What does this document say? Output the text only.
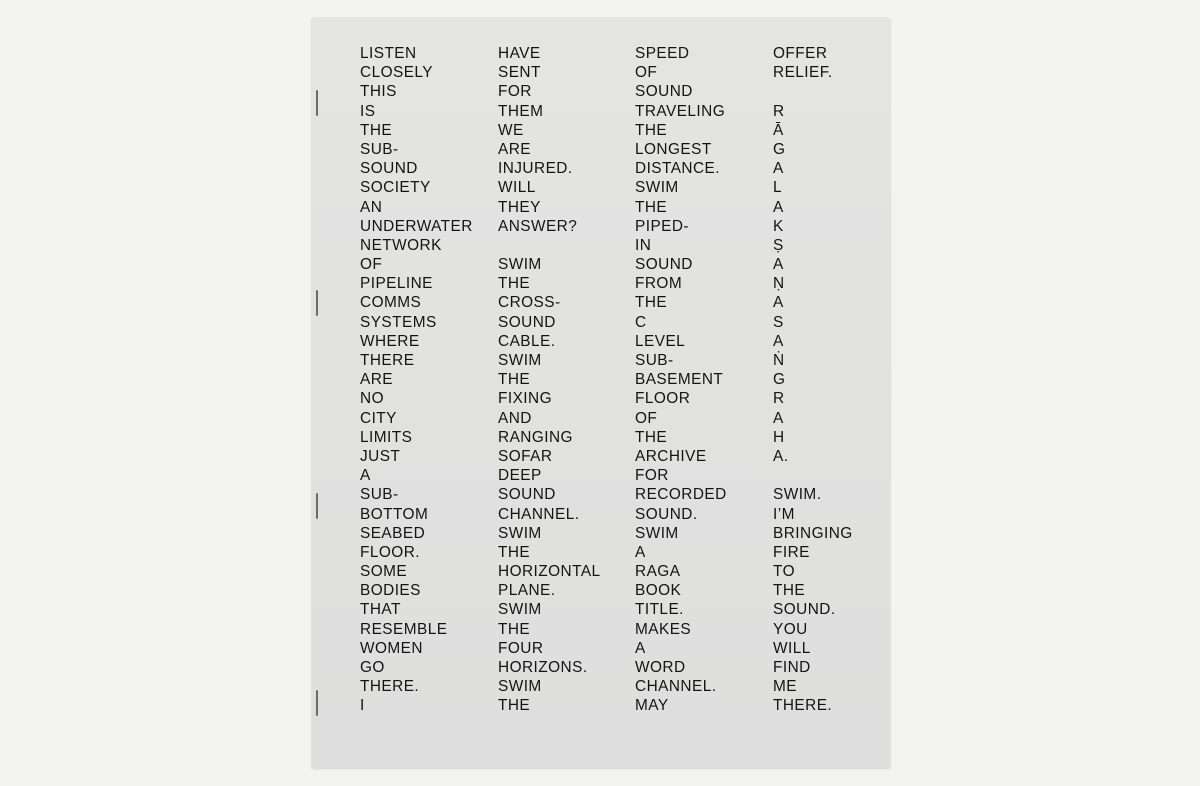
LISTEN
CLOSELY
THIS
IS
THE
SUB-
SOUND
SOCIETY
AN
UNDERWATER
NETWORK
OF
PIPELINE
COMMS
SYSTEMS
WHERE
THERE
ARE
NO
CITY
LIMITS
JUST
A
SUB-
BOTTOM
SEABED
FLOOR.
SOME
BODIES
THAT
RESEMBLE
WOMEN
GO
THERE.
I
HAVE
SENT
FOR
THEM
WE
ARE
INJURED.
WILL
THEY
ANSWER?
SWIM
THE
CROSS-
SOUND
CABLE.
SWIM
THE
FIXING
AND
RANGING
SOFAR
DEEP
SOUND
CHANNEL.
SWIM
THE
HORIZONTAL
PLANE.
SWIM
THE
FOUR
HORIZONS.
SWIM
THE
SPEED
OF
SOUND
TRAVELING
THE
LONGEST
DISTANCE.
SWIM
THE
PIPED-
IN
SOUND
FROM
THE
C
LEVEL
SUB-
BASEMENT
FLOOR
OF
THE
ARCHIVE
FOR
RECORDED
SOUND.
SWIM
A
RAGA
BOOK
TITLE.
MAKES
A
WORD
CHANNEL.
MAY
OFFER
RELIEF.
R
Ā
G
A
L
A
K
Ṣ
A
Ṇ
A
S
A
Ṅ
G
R
A
H
A.
SWIM.
I’M
BRINGING
FIRE
TO
THE
SOUND.
YOU
WILL
FIND
ME
THERE.
